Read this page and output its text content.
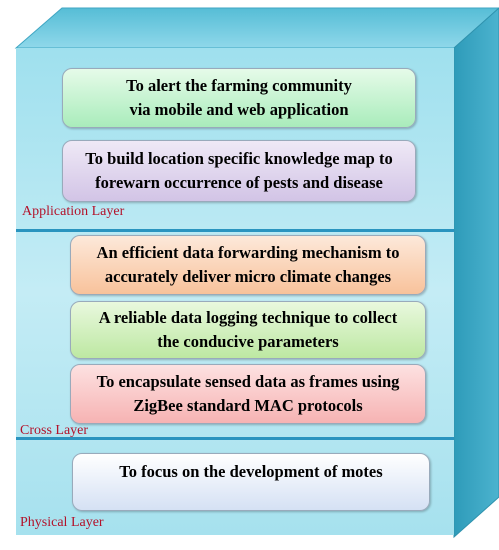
To alert the farming community
via mobile and web application
To build location specific knowledge map to
forewarn occurrence of pests and disease
Application Layer
An efficient data forwarding mechanism to
accurately deliver micro climate changes
A reliable data logging technique to collect
the conducive parameters
To encapsulate sensed data as frames using
ZigBee standard MAC protocols
Cross Layer
To focus on the development of motes
Physical Layer
